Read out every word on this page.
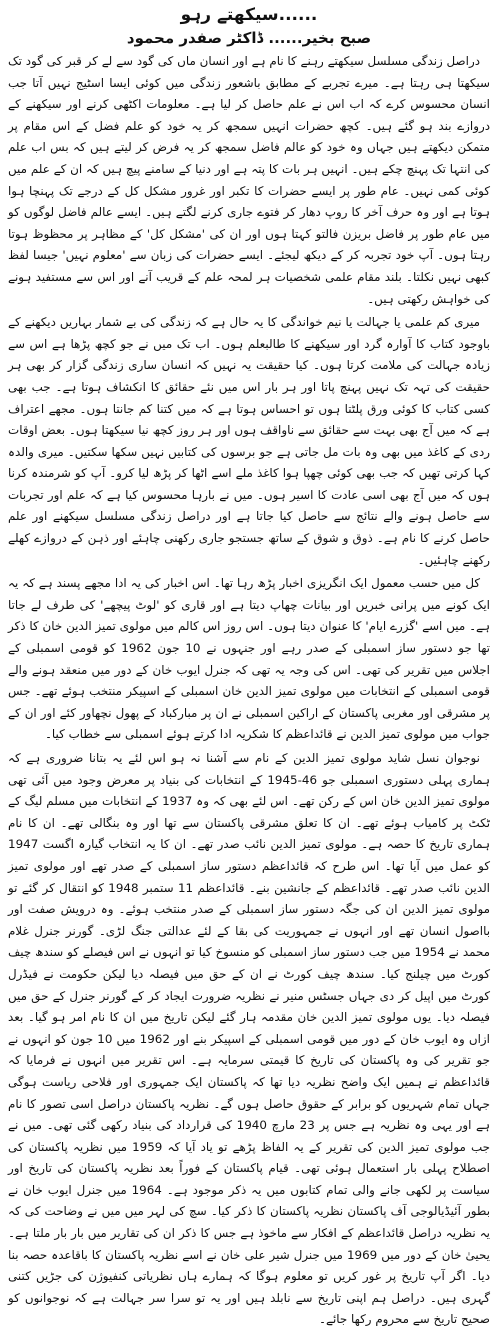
سیکھتے رہو......
صبح بخیر...... ڈاکٹر صفدر محمود

دراصل زندگی مسلسل سیکھتے رہنے کا نام ہے اور انسان ماں کی گود سے لے کر قبر کی گود تک سیکھتا ہی رہتا ہے۔ میرے تجربے کے مطابق باشعور زندگی میں کوئی ایسا اسٹیج نہیں آتا جب انسان محسوس کرے کہ اب اس نے علم حاصل کر لیا ہے۔ معلومات اکٹھی کرنے اور سیکھنے کے دروازے بند ہو گئے ہیں۔ کچھ حضرات انہیں سمجھ کر یہ خود کو علم فضل کے اس مقام پر متمکن دیکھتے ہیں جہاں وہ خود کو عالم فاضل سمجھ کر یہ فرض کر لیتے ہیں کہ بس اب علم کی انتہا تک پہنچ چکے ہیں۔ انہیں ہر بات کا پتہ ہے اور دنیا کے سامنے پیچ ہیں کہ ان کے علم میں کوئی کمی نہیں۔ عام طور پر ایسے حضرات کا تکبر اور غرور مشکل کل کے درجے تک پہنچا ہوا ہوتا ہے اور وہ حرف آخر کا روپ دھار کر فتوے جاری کرنے لگتے ہیں۔ ایسے عالم فاضل لوگوں کو میں عام طور پر فاضل بریزن فالتو کہتا ہوں اور ان کی 'مشکل کل' کے مظاہر پر محظوظ ہوتا رہتا ہوں۔ آپ خود تجربہ کر کے دیکھ لیجئے۔ ایسے حضرات کی زبان سے 'معلوم نہیں' جیسا لفظ کبھی نہیں نکلتا۔ بلند مقام علمی شخصیات ہر لمحہ علم کے قریب آنے اور اس سے مستفید ہونے کی خواہش رکھتی ہیں۔

میری کم علمی یا جہالت یا نیم خواندگی کا یہ حال ہے کہ زندگی کی بے شمار بہاریں دیکھنے کے باوجود کتاب کا آوارہ گرد اور سیکھنے کا طالبعلم ہوں۔ اب تک میں نے جو کچھ پڑھا ہے اس سے زیادہ جہالت کی ملامت کرتا ہوں۔ کیا حقیقت یہ نہیں کہ انسان ساری زندگی گزار کر بھی ہر حقیقت کی تہہ تک نہیں پہنچ پاتا اور ہر بار اس میں نئے حقائق کا انکشاف ہوتا ہے۔ جب بھی کسی کتاب کا کوئی ورق پلٹتا ہوں تو احساس ہوتا ہے کہ میں کتنا کم جانتا ہوں۔ مجھے اعتراف ہے کہ میں آج بھی بہت سے حقائق سے ناواقف ہوں اور ہر روز کچھ نیا سیکھتا ہوں۔ بعض اوقات ردی کے کاغذ میں بھی وہ بات مل جاتی ہے جو برسوں کی کتابیں نہیں سکھا سکتیں۔ میری والدہ کہا کرتی تھیں کہ جب بھی کوئی چھپا ہوا کاغذ ملے اسے اٹھا کر پڑھ لیا کرو۔ آپ کو شرمندہ کرنا ہوں کہ میں آج بھی اسی عادت کا اسیر ہوں۔ میں نے بارہا محسوس کیا ہے کہ علم اور تجربات سے حاصل ہونے والے نتائج سے حاصل کیا جاتا ہے اور دراصل زندگی مسلسل سیکھنے اور علم حاصل کرنے کا نام ہے۔ ذوق و شوق کے ساتھ جستجو جاری رکھنی چاہئے اور ذہن کے دروازے کھلے رکھنے چاہئیں۔

کل میں حسب معمول ایک انگریزی اخبار پڑھ رہا تھا۔ اس اخبار کی یہ ادا مجھے پسند ہے کہ یہ ایک کونے میں پرانی خبریں اور بیانات چھاپ دیتا ہے اور قاری کو 'لوٹ پیچھے' کی طرف لے جاتا ہے۔ میں اسے 'گزرے ایام' کا عنوان دیتا ہوں۔ اس روز اس کالم میں مولوی تمیز الدین خان کا ذکر تھا جو دستور ساز اسمبلی کے صدر رہے اور جنہوں نے 10 جون 1962 کو قومی اسمبلی کے اجلاس میں تقریر کی تھی۔ اس کی وجہ یہ تھی کہ جنرل ایوب خان کے دور میں منعقد ہونے والے قومی اسمبلی کے انتخابات میں مولوی تمیز الدین خان اسمبلی کے اسپیکر منتخب ہوئے تھے۔ جس پر مشرقی اور مغربی پاکستان کے اراکین اسمبلی نے ان پر مبارکباد کے پھول نچھاور کئے اور ان کے جواب میں مولوی تمیز الدین نے قائداعظم کا شکریہ ادا کرتے ہوئے اسمبلی سے خطاب کیا۔

نوجوان نسل شاید مولوی تمیز الدین کے نام سے آشنا نہ ہو اس لئے یہ بتانا ضروری ہے کہ ہماری پہلی دستوری اسمبلی جو 46-1945 کے انتخابات کی بنیاد پر معرض وجود میں آئی تھی مولوی تمیز الدین خان اس کے رکن تھے۔ اس لئے بھی کہ وہ 1937 کے انتخابات میں مسلم لیگ کے ٹکٹ پر کامیاب ہوئے تھے۔ ان کا تعلق مشرقی پاکستان سے تھا اور وہ بنگالی تھے۔ ان کا نام ہماری تاریخ کا حصہ ہے۔ مولوی تمیز الدین نائب صدر تھے۔ ان کا یہ انتخاب گیارہ اگست 1947 کو عمل میں آیا تھا۔ اس طرح کہ قائداعظم دستور ساز اسمبلی کے صدر تھے اور مولوی تمیز الدین نائب صدر تھے۔ قائداعظم کے جانشین بنے۔ قائداعظم 11 ستمبر 1948 کو انتقال کر گئے تو مولوی تمیز الدین ان کی جگہ دستور ساز اسمبلی کے صدر منتخب ہوئے۔ وہ درویش صفت اور بااصول انسان تھے اور انہوں نے جمہوریت کی بقا کے لئے عدالتی جنگ لڑی۔ گورنر جنرل غلام محمد نے 1954 میں جب دستور ساز اسمبلی کو منسوخ کیا تو انہوں نے اس فیصلے کو سندھ چیف کورٹ میں چیلنج کیا۔ سندھ چیف کورٹ نے ان کے حق میں فیصلہ دیا لیکن حکومت نے فیڈرل کورٹ میں اپیل کر دی جہاں جسٹس منیر نے نظریہ ضرورت ایجاد کر کے گورنر جنرل کے حق میں فیصلہ دیا۔ یوں مولوی تمیز الدین خان مقدمہ ہار گئے لیکن تاریخ میں ان کا نام امر ہو گیا۔ بعد ازاں وہ ایوب خان کے دور میں قومی اسمبلی کے اسپیکر بنے اور 1962 میں 10 جون کو انہوں نے جو تقریر کی وہ پاکستان کی تاریخ کا قیمتی سرمایہ ہے۔ اس تقریر میں انہوں نے فرمایا کہ قائداعظم نے ہمیں ایک واضح نظریہ دیا تھا کہ پاکستان ایک جمہوری اور فلاحی ریاست ہوگی جہاں تمام شہریوں کو برابر کے حقوق حاصل ہوں گے۔ نظریہ پاکستان دراصل اسی تصور کا نام ہے اور یہی وہ نظریہ ہے جس پر 23 مارچ 1940 کی قرارداد کی بنیاد رکھی گئی تھی۔ میں نے جب مولوی تمیز الدین کی تقریر کے یہ الفاظ پڑھے تو یاد آیا کہ 1959 میں نظریہ پاکستان کی اصطلاح پہلی بار استعمال ہوئی تھی۔ قیام پاکستان کے فوراً بعد نظریہ پاکستان کی تاریخ اور سیاست پر لکھی جانے والی تمام کتابوں میں یہ ذکر موجود ہے۔ 1964 میں جنرل ایوب خان نے بطور آئیڈیالوجی آف پاکستان نظریہ پاکستان کا ذکر کیا۔ سچ کی لہر میں میں نے وضاحت کی کہ یہ نظریہ دراصل قائداعظم کے افکار سے ماخوذ ہے جس کا ذکر ان کی تقاریر میں بار بار ملتا ہے۔ یحییٰ خان کے دور میں 1969 میں جنرل شیر علی خان نے اسے نظریہ پاکستان کا باقاعدہ حصہ بنا دیا۔ اگر آپ تاریخ پر غور کریں تو معلوم ہوگا کہ ہمارے ہاں نظریاتی کنفیوژن کی جڑیں کتنی گہری ہیں۔ دراصل ہم اپنی تاریخ سے نابلد ہیں اور یہ تو سرا سر جہالت ہے کہ نوجوانوں کو صحیح تاریخ سے محروم رکھا جائے۔
